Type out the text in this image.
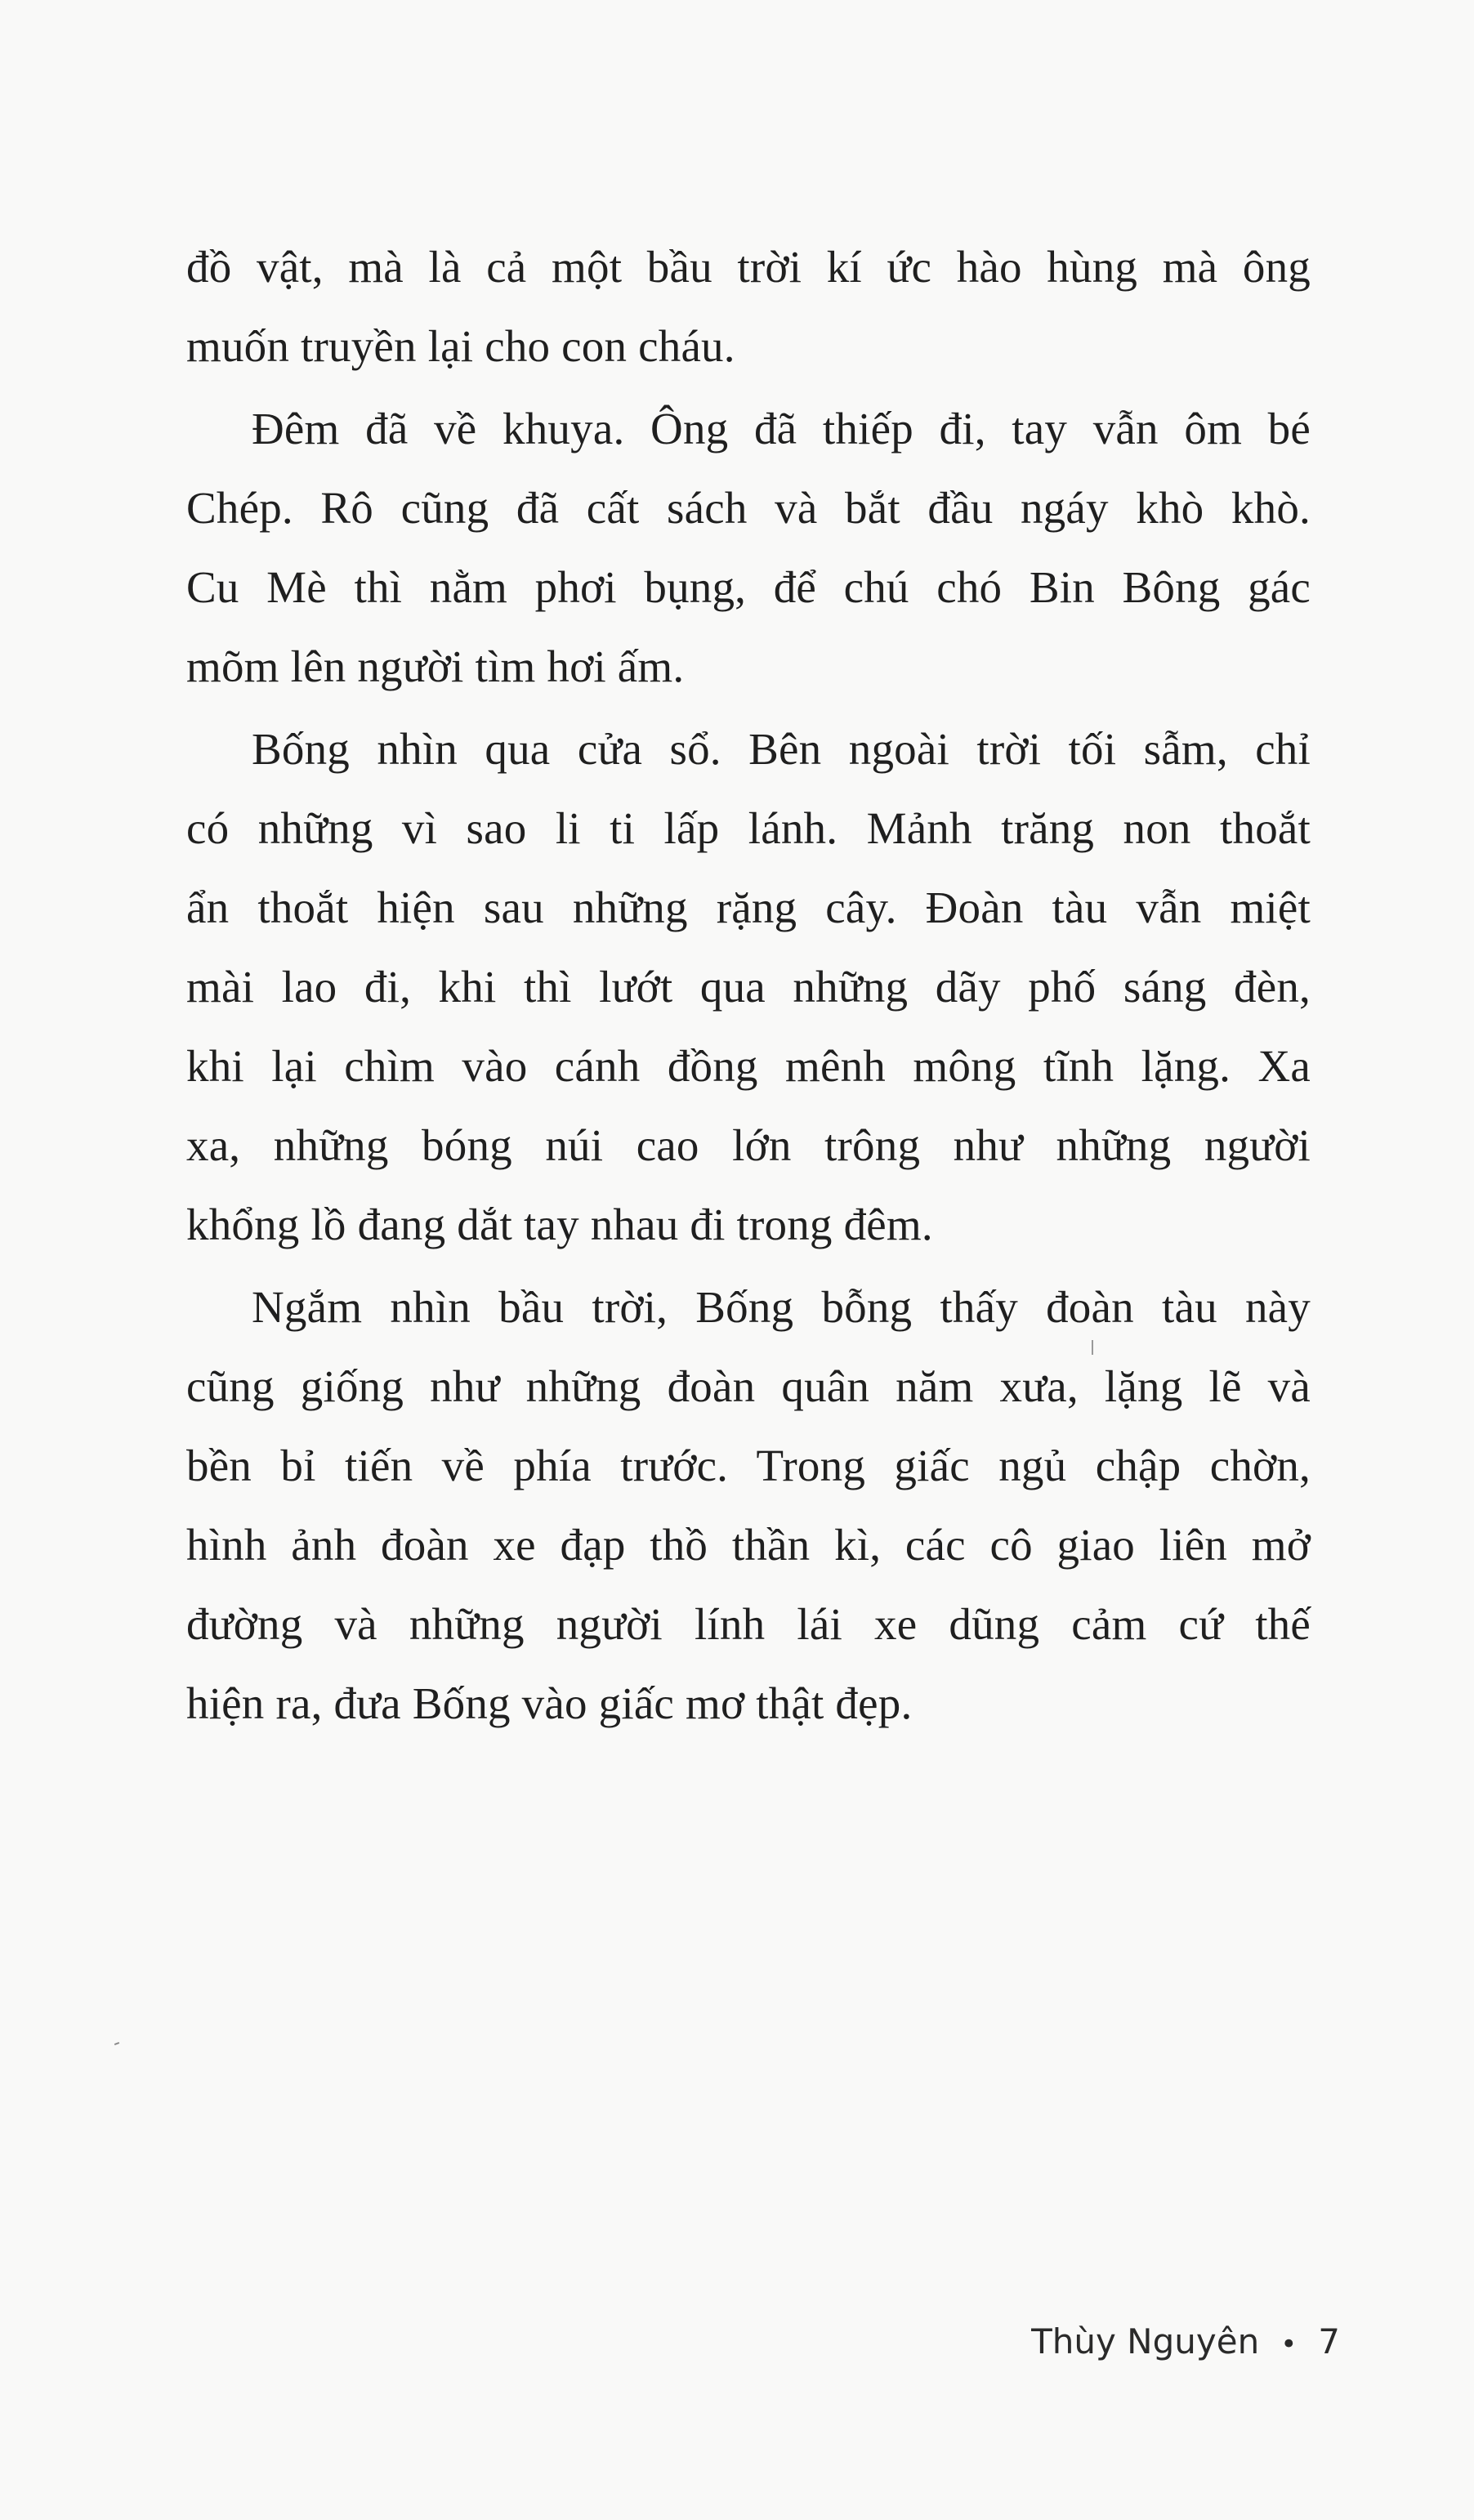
đồ vật, mà là cả một bầu trời kí ức hào hùng mà ông
muốn truyền lại cho con cháu.
Đêm đã về khuya. Ông đã thiếp đi, tay vẫn ôm bé
Chép. Rô cũng đã cất sách và bắt đầu ngáy khò khò.
Cu Mè thì nằm phơi bụng, để chú chó Bin Bông gác
mõm lên người tìm hơi ấm.
Bống nhìn qua cửa sổ. Bên ngoài trời tối sẫm, chỉ
có những vì sao li ti lấp lánh. Mảnh trăng non thoắt
ẩn thoắt hiện sau những rặng cây. Đoàn tàu vẫn miệt
mài lao đi, khi thì lướt qua những dãy phố sáng đèn,
khi lại chìm vào cánh đồng mênh mông tĩnh lặng. Xa
xa, những bóng núi cao lớn trông như những người
khổng lồ đang dắt tay nhau đi trong đêm.
Ngắm nhìn bầu trời, Bống bỗng thấy đoàn tàu này
cũng giống như những đoàn quân năm xưa, lặng lẽ và
bền bỉ tiến về phía trước. Trong giấc ngủ chập chờn,
hình ảnh đoàn xe đạp thồ thần kì, các cô giao liên mở
đường và những người lính lái xe dũng cảm cứ thế
hiện ra, đưa Bống vào giấc mơ thật đẹp.
Thùy Nguyên • 7
